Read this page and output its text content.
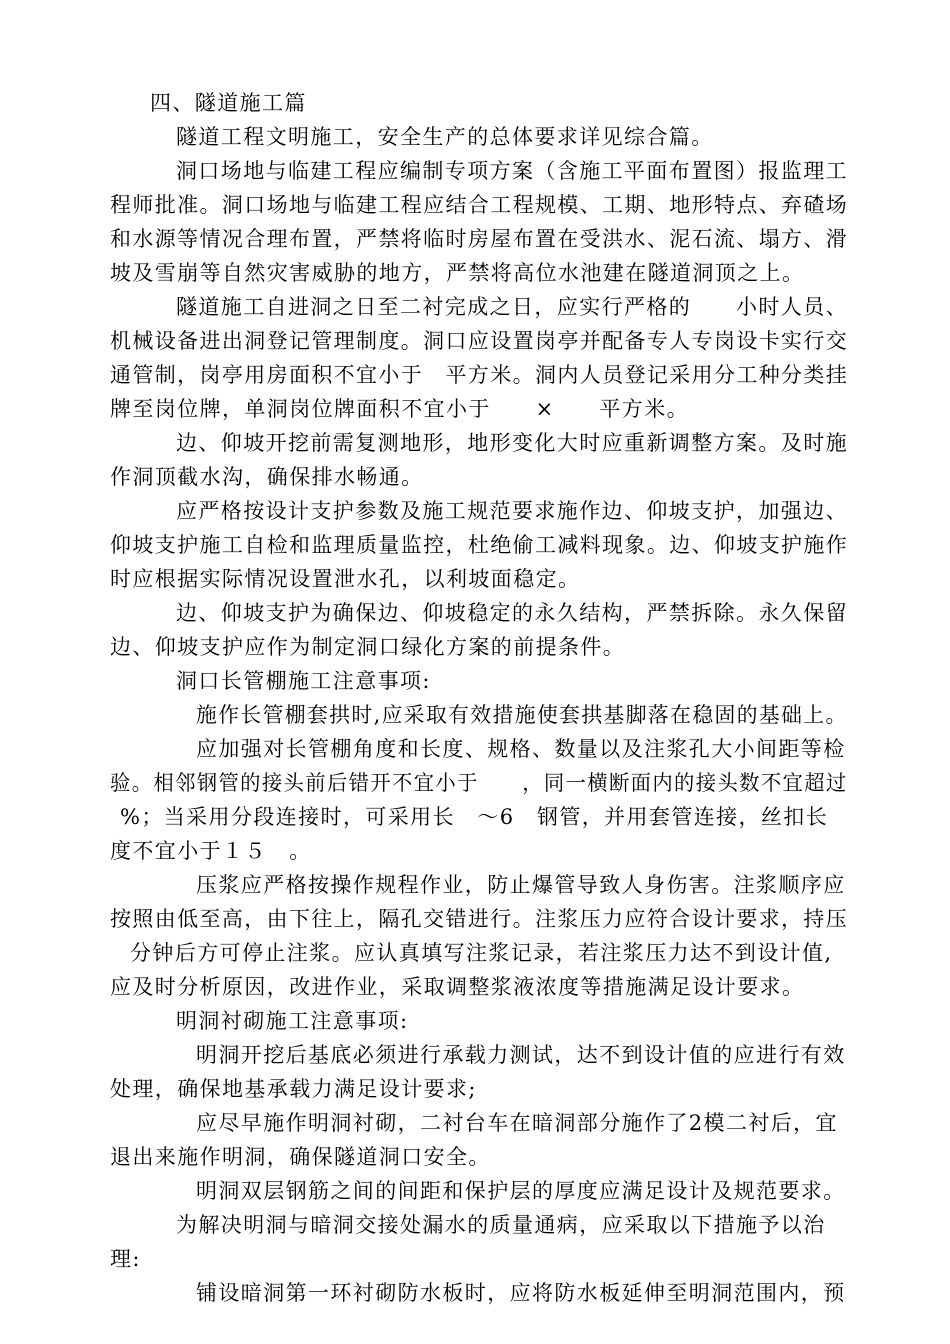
四、隧道施工篇
隧道工程文明施工，安全生产的总体要求详见综合篇。
洞口场地与临建工程应编制专项方案（含施工平面布置图）报监理工
程师批准。洞口场地与临建工程应结合工程规模、工期、地形特点、弃碴场
和水源等情况合理布置，严禁将临时房屋布置在受洪水、泥石流、塌方、滑
坡及雪崩等自然灾害威胁的地方，严禁将高位水池建在隧道洞顶之上。
隧道施工自进洞之日至二衬完成之日，应实行严格的　　小时人员、
机械设备进出洞登记管理制度。洞口应设置岗亭并配备专人专岗设卡实行交
通管制，岗亭用房面积不宜小于　平方米。洞内人员登记采用分工种分类挂
牌至岗位牌，单洞岗位牌面积不宜小于　　×　　平方米。
边、仰坡开挖前需复测地形，地形变化大时应重新调整方案。及时施
作洞顶截水沟，确保排水畅通。
应严格按设计支护参数及施工规范要求施作边、仰坡支护，加强边、
仰坡支护施工自检和监理质量监控，杜绝偷工减料现象。边、仰坡支护施作
时应根据实际情况设置泄水孔，以利坡面稳定。
边、仰坡支护为确保边、仰坡稳定的永久结构，严禁拆除。永久保留
边、仰坡支护应作为制定洞口绿化方案的前提条件。
洞口长管棚施工注意事项:
施作长管棚套拱时,应采取有效措施使套拱基脚落在稳固的基础上。
应加强对长管棚角度和长度、规格、数量以及注浆孔大小间距等检
验。相邻钢管的接头前后错开不宜小于　　，同一横断面内的接头数不宜超过
%；当采用分段连接时，可采用长　～6　钢管，并用套管连接，丝扣长
度不宜小于１５　。
压浆应严格按操作规程作业，防止爆管导致人身伤害。注浆顺序应
按照由低至高，由下往上，隔孔交错进行。注浆压力应符合设计要求，持压
分钟后方可停止注浆。应认真填写注浆记录，若注浆压力达不到设计值,
应及时分析原因，改进作业，采取调整浆液浓度等措施满足设计要求。
明洞衬砌施工注意事项:
明洞开挖后基底必须进行承载力测试，达不到设计值的应进行有效
处理，确保地基承载力满足设计要求;
应尽早施作明洞衬砌，二衬台车在暗洞部分施作了2模二衬后，宜
退出来施作明洞，确保隧道洞口安全。
明洞双层钢筋之间的间距和保护层的厚度应满足设计及规范要求。
为解决明洞与暗洞交接处漏水的质量通病，应采取以下措施予以治
理:
铺设暗洞第一环衬砌防水板时，应将防水板延伸至明洞范围内，预
